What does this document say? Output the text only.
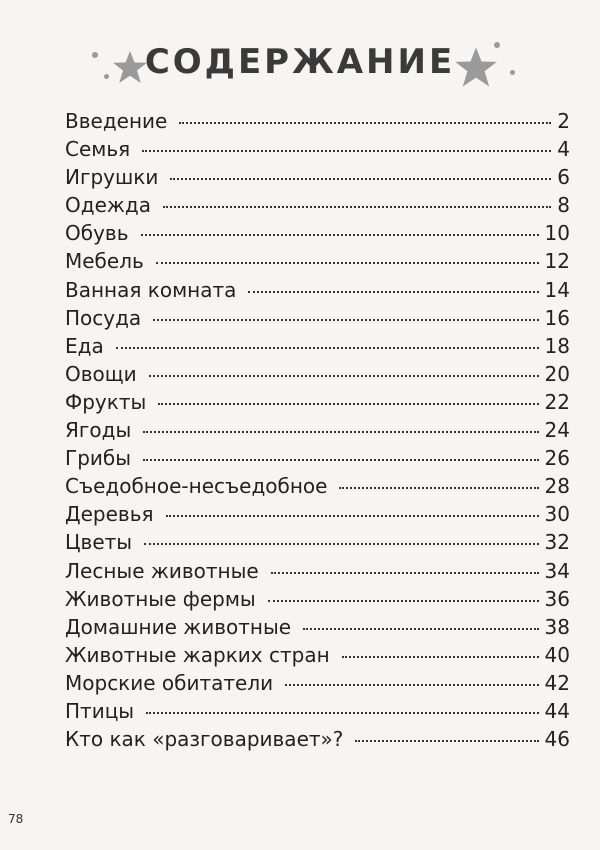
СОДЕРЖАНИЕ
Введение	2
Семья	4
Игрушки	6
Одежда	8
Обувь	10
Мебель	12
Ванная комната	14
Посуда	16
Еда	18
Овощи	20
Фрукты	22
Ягоды	24
Грибы	26
Съедобное-несъедобное	28
Деревья	30
Цветы	32
Лесные животные	34
Животные фермы	36
Домашние животные	38
Животные жарких стран	40
Морские обитатели	42
Птицы	44
Кто как «разговаривает»?	46
78
